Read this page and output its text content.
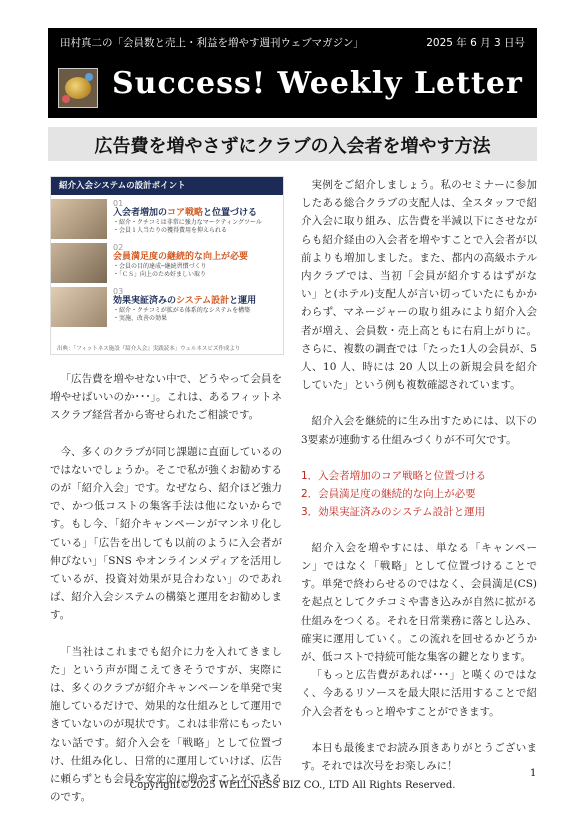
田村真二の「会員数と売上・利益を増やす週刊ウェブマガジン」	2025 年 6 月 3 日号
Success! Weekly Letter
広告費を増やさずにクラブの入会者を増やす方法
紹介入会システムの設計ポイント
01
入会者増加のコア戦略と位置づける
・紹介・クチコミは非常に強力なマーケティングツール
・会員１人当たりの獲得費用を抑えられる
02
会員満足度の継続的な向上が必要
・会員の目的達成─継続習慣づくり
・「ＣＳ」向上のため好ましい取り
03
効果実証済みのシステム設計と運用
・紹介・クチコミが拡がる体系的なシステムを構築
・実施、改善の効果
出典：「フィットネス施設『紹介入会』実践読本」ウェルネスビズ作成より

「広告費を増やせない中で、どうやって会員を増やせばいいのか･･･」。これは、あるフィットネスクラブ経営者から寄せられたご相談です。

今、多くのクラブが同じ課題に直面しているのではないでしょうか。そこで私が強くお勧めするのが「紹介入会」です。なぜなら、紹介ほど強力で、かつ低コストの集客手法は他にないからです。もし今、「紹介キャンペーンがマンネリ化している」「広告を出しても以前のように入会者が伸びない」「SNS やオンラインメディアを活用しているが、投資対効果が見合わない」のであれば、紹介入会システムの構築と運用をお勧めします。

「当社はこれまでも紹介に力を入れてきました」という声が聞こえてきそうですが、実際には、多くのクラブが紹介キャンペーンを単発で実施しているだけで、効果的な仕組みとして運用できていないのが現状です。これは非常にもったいない話です。紹介入会を「戦略」として位置づけ、仕組み化し、日常的に運用していけば、広告に頼らずとも会員を安定的に増やすことができるのです。

実例をご紹介しましょう。私のセミナーに参加したある総合クラブの支配人は、全スタッフで紹介入会に取り組み、広告費を半減以下にさせながらも紹介経由の入会者を増やすことで入会者が以前よりも増加しました。また、都内の高級ホテル内クラブでは、当初「会員が紹介するはずがない」と(ホテル)支配人が言い切っていたにもかかわらず、マネージャーの取り組みにより紹介入会者が増え、会員数・売上高ともに右肩上がりに。さらに、複数の調査では「たった1人の会員が、5人、10 人、時には 20 人以上の新規会員を紹介していた」という例も複数確認されています。

紹介入会を継続的に生み出すためには、以下の3要素が連動する仕組みづくりが不可欠です。

1．入会者増加のコア戦略と位置づける
2．会員満足度の継続的な向上が必要
3．効果実証済みのシステム設計と運用

紹介入会を増やすには、単なる「キャンペーン」ではなく「戦略」として位置づけることです。単発で終わらせるのではなく、会員満足(CS)を起点としてクチコミや書き込みが自然に拡がる仕組みをつくる。それを日常業務に落とし込み、確実に運用していく。この流れを回せるかどうかが、低コストで持続可能な集客の鍵となります。

「もっと広告費があれば･･･」と嘆くのではなく、今あるリソースを最大限に活用することで紹介入会者をもっと増やすことができます。

本日も最後までお読み頂きありがとうございます。それでは次号をお楽しみに！

1
Copyright©2025 WELLNESS BIZ CO., LTD All Rights Reserved.
